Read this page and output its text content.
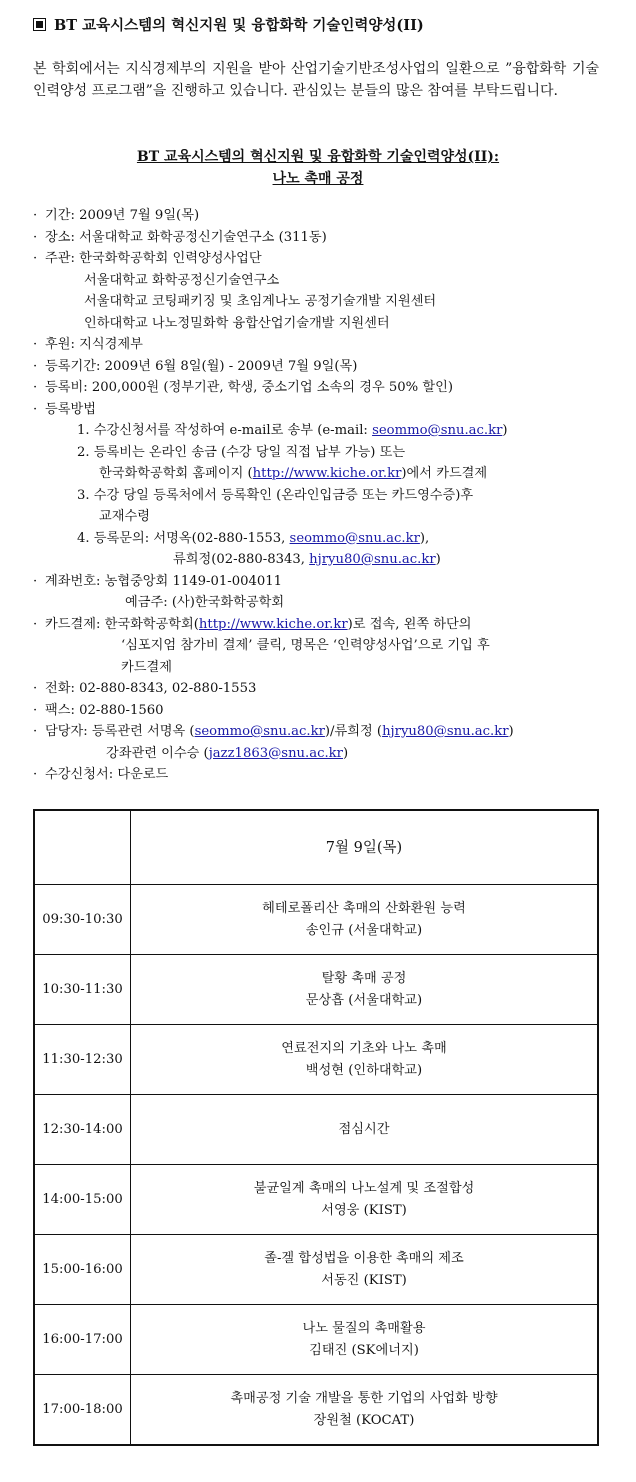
BT 교육시스템의 혁신지원 및 융합화학 기술인력양성(II)
본 학회에서는 지식경제부의 지원을 받아 산업기술기반조성사업의 일환으로 ”융합화학 기술인력양성 프로그램”을 진행하고 있습니다. 관심있는 분들의 많은 참여를 부탁드립니다.
BT 교육시스템의 혁신지원 및 융합화학 기술인력양성(II):
나노 촉매 공정
· 기간: 2009년 7월 9일(목)
· 장소: 서울대학교 화학공정신기술연구소 (311동)
· 주관: 한국화학공학회 인력양성사업단
서울대학교 화학공정신기술연구소
서울대학교 코팅패키징 및 초임계나노 공정기술개발 지원센터
인하대학교 나노정밀화학 융합산업기술개발 지원센터
· 후원: 지식경제부
· 등록기간: 2009년 6월 8일(월) - 2009년 7월 9일(목)
· 등록비: 200,000원 (정부기관, 학생, 중소기업 소속의 경우 50% 할인)
· 등록방법
1. 수강신청서를 작성하여 e-mail로 송부 (e-mail: seommo@snu.ac.kr)
2. 등록비는 온라인 송금 (수강 당일 직접 납부 가능) 또는
한국화학공학회 홈페이지 (http://www.kiche.or.kr)에서 카드결제
3. 수강 당일 등록처에서 등록확인 (온라인입금증 또는 카드영수증)후
교재수령
4. 등록문의: 서명옥(02-880-1553, seommo@snu.ac.kr),
류희정(02-880-8343, hjryu80@snu.ac.kr)
· 계좌번호: 농협중앙회 1149-01-004011
예금주: (사)한국화학공학회
· 카드결제: 한국화학공학회(http://www.kiche.or.kr)로 접속, 왼쪽 하단의
‘심포지엄 참가비 결제’ 클릭, 명목은 ‘인력양성사업’으로 기입 후
카드결제
· 전화: 02-880-8343, 02-880-1553
· 팩스: 02-880-1560
· 담당자: 등록관련 서명옥 (seommo@snu.ac.kr)/류희정 (hjryu80@snu.ac.kr)
강좌관련 이수승 (jazz1863@snu.ac.kr)
· 수강신청서: 다운로드
	7월 9일(목)
09:30-10:30	헤테로폴리산 촉매의 산화환원 능력
송인규 (서울대학교)

10:30-11:30	탈황 촉매 공정
문상흡 (서울대학교)

11:30-12:30	연료전지의 기초와 나노 촉매
백성현 (인하대학교)

12:30-14:00	점심시간

14:00-15:00	불균일계 촉매의 나노설계 및 조절합성
서영웅 (KIST)

15:00-16:00	졸-겔 합성법을 이용한 촉매의 제조
서동진 (KIST)

16:00-17:00	나노 물질의 촉매활용
김태진 (SK에너지)

17:00-18:00	촉매공정 기술 개발을 통한 기업의 사업화 방향
장원철 (KOCAT)
